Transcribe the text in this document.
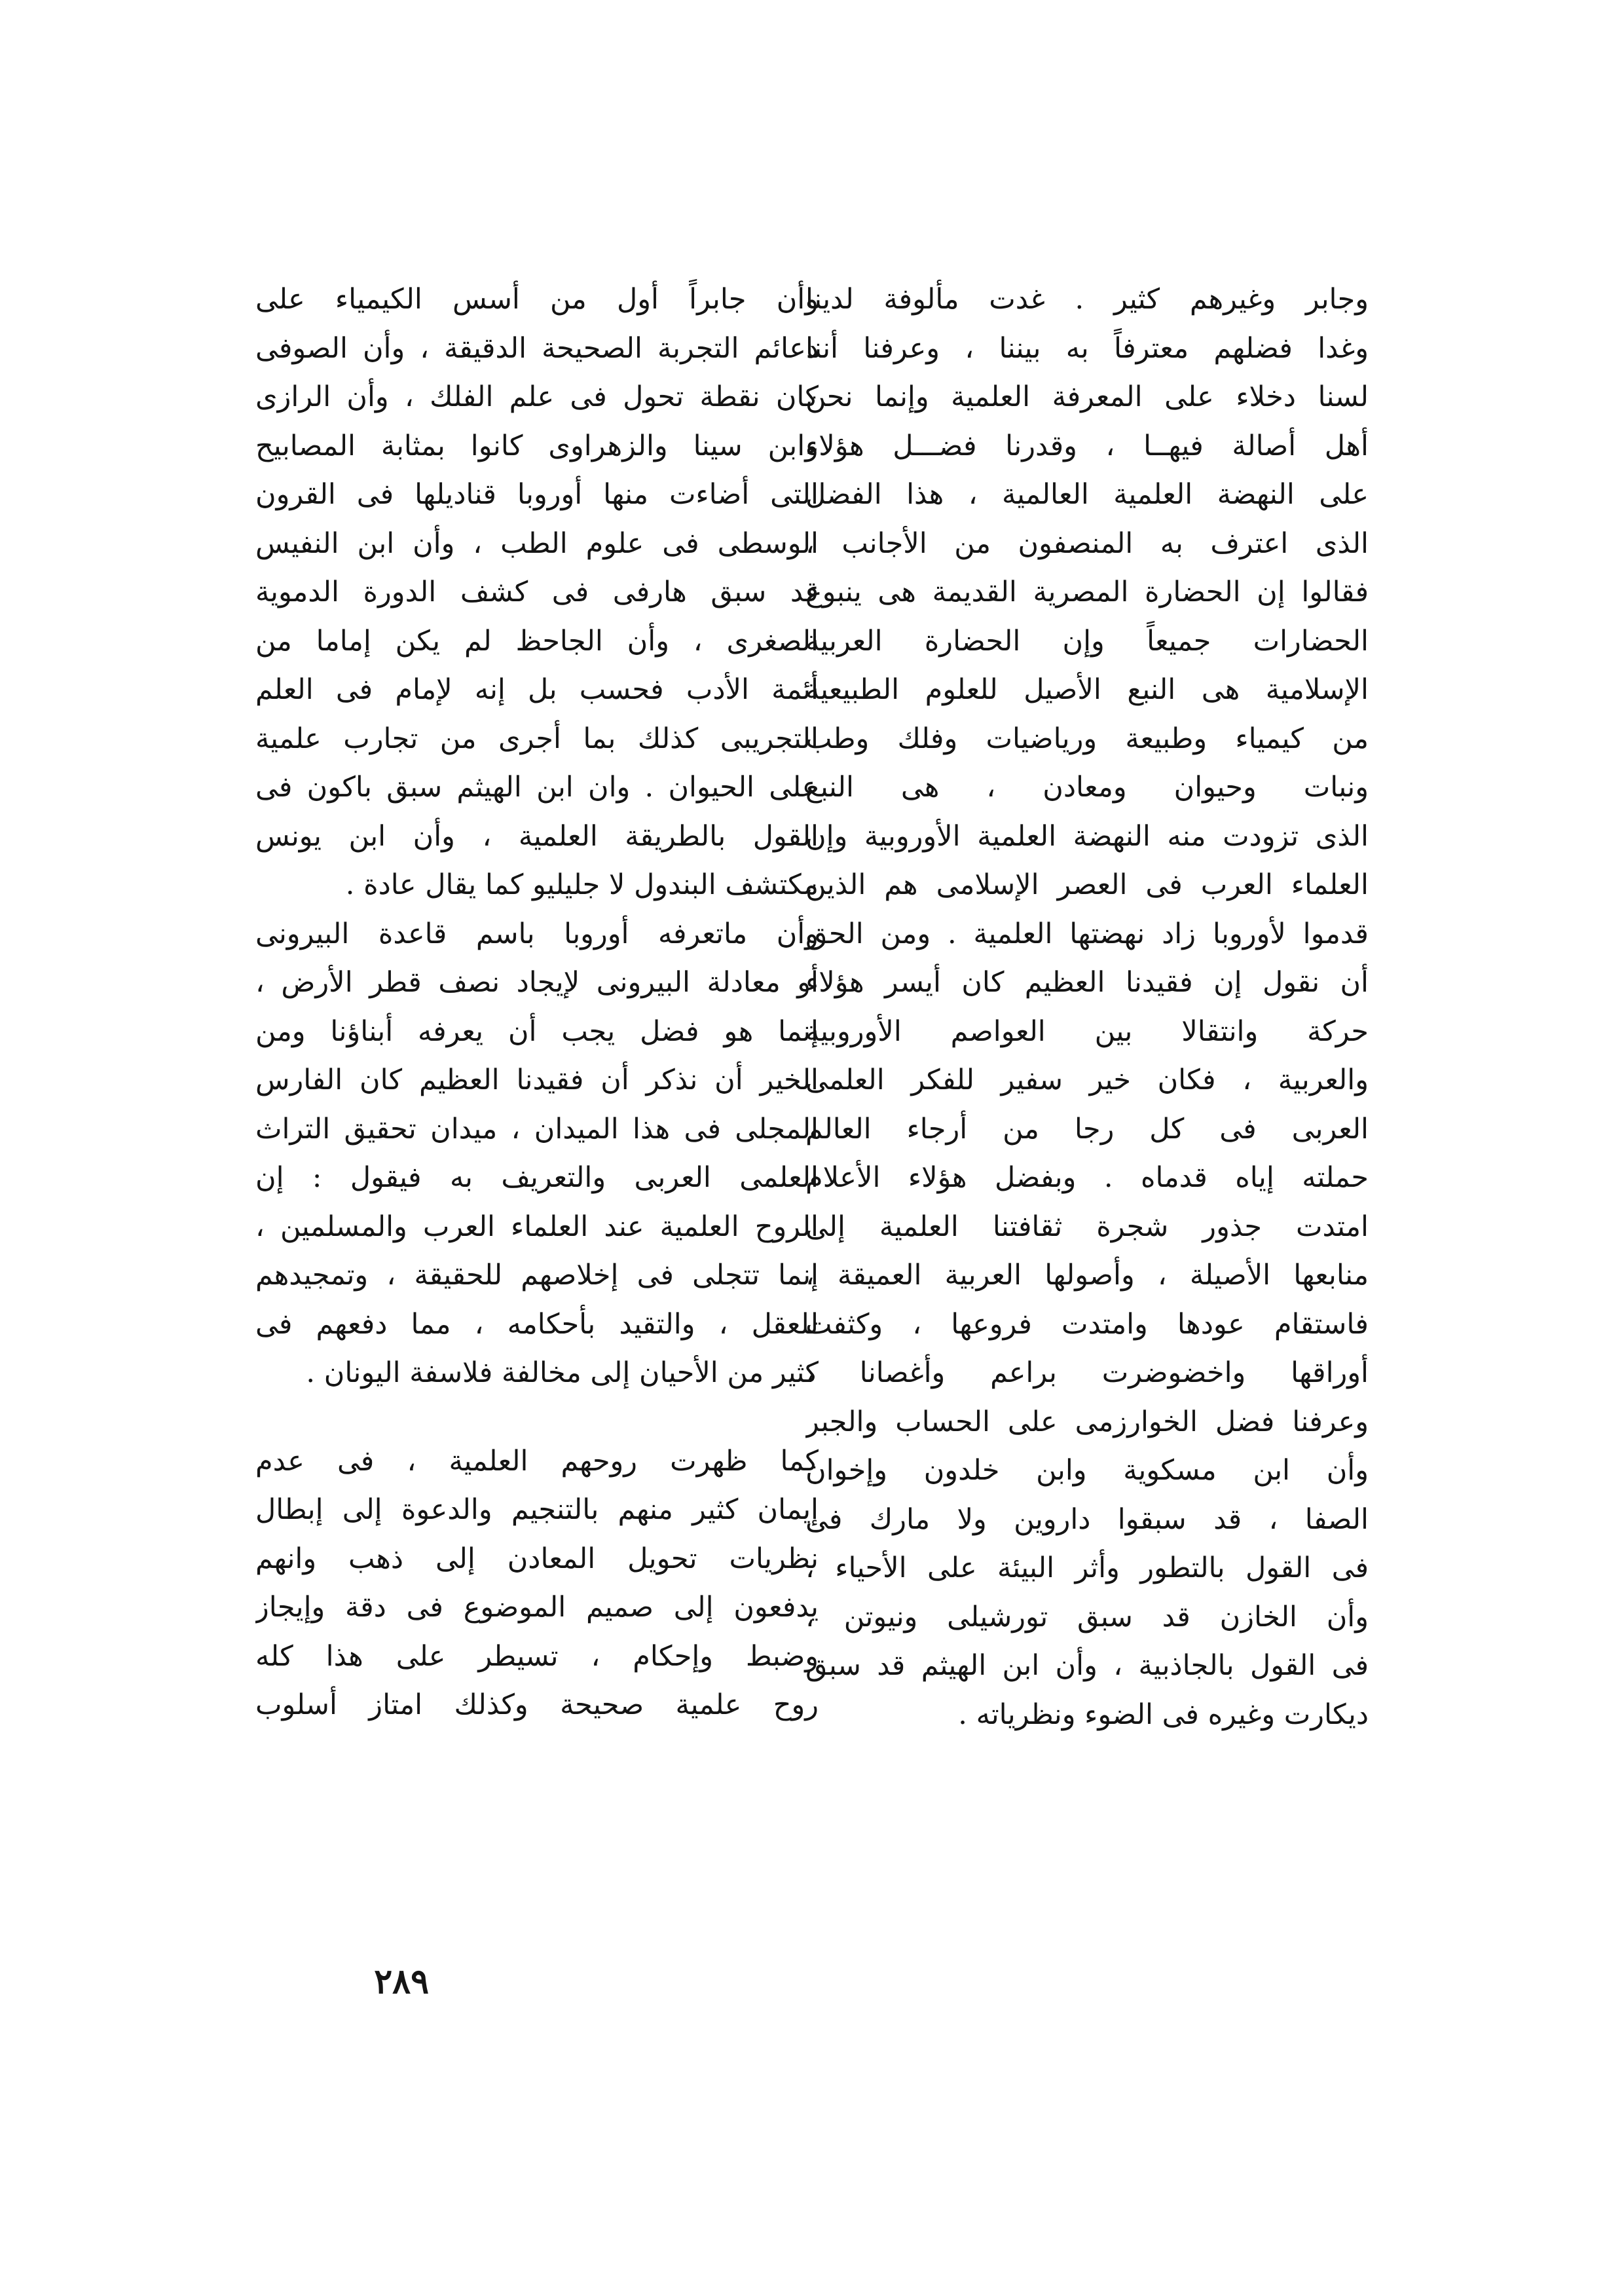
وجابر وغيرهم كثير . غدت مألوفة لدينا
وغدا فضلهم معترفاً به بيننا ، وعرفنا أننا
لسنا دخلاء على المعرفة العلمية وإنما نحن
أهل أصالة فيهــا ، وقدرنا فضـــل هؤلاء
على النهضة العلمية العالمية ، هذا الفضل
الذى اعترف به المنصفون من الأجانب ،
فقالوا إن الحضارة المصرية القديمة هى ينبوع
الحضارات جميعاً وإن الحضارة العربية
الإسلامية هى النبع الأصيل للعلوم الطبيعية
من كيمياء وطبيعة ورياضيات وفلك وطب
ونبات وحيوان ومعادن ، هى النبع
الذى تزودت منه النهضة العلمية الأوروبية وإن
العلماء العرب فى العصر الإسلامى هم الذين
قدموا لأوروبا زاد نهضتها العلمية . ومن الحق
أن نقول إن فقيدنا العظيم كان أيسر هؤلاء
حركة وانتقالا بين العواصم الأوروبية
والعربية ، فكان خير سفير للفكر العلمى
العربى فى كل رجا من أرجاء العالم
حملته إياه قدماه . وبفضل هؤلاء الأعلام
امتدت جذور شجرة ثقافتنا العلمية إلى
منابعها الأصيلة ، وأصولها العربية العميقة ،
فاستقام عودها وامتدت فروعها ، وكثفت
أوراقها واخضوضرت براعم وأغصانا ،
وعرفنا فضل الخوارزمى على الحساب والجبر
وأن ابن مسكوية وابن خلدون وإخوان
الصفا ، قد سبقوا داروين ولا مارك فى
فى القول بالتطور وأثر البيئة على الأحياء ،
وأن الخازن قد سبق تورشيلى ونيوتن ،
فى القول بالجاذبية ، وأن ابن الهيثم قد سبق
ديكارت وغيره فى الضوء ونظرياته .
وأن جابراً أول من أسس الكيمياء على
دعائم التجربة الصحيحة الدقيقة ، وأن الصوفى
كان نقطة تحول فى علم الفلك ، وأن الرازى
وابن سينا والزهراوى كانوا بمثابة المصابيح
التى أضاءت منها أوروبا قناديلها فى القرون
الوسطى فى علوم الطب ، وأن ابن النفيس
قد سبق هارفى فى كشف الدورة الدموية
الصغرى ، وأن الجاحظ لم يكن إماما من
أئمة الأدب فحسب بل إنه لإمام فى العلم
التجريبى كذلك بما أجرى من تجارب علمية
على الحيوان . وان ابن الهيثم سبق باكون فى
القول بالطريقة العلمية ، وأن ابن يونس
مكتشف البندول لا جليليو كما يقال عادة .
وأن ماتعرفه أوروبا باسم قاعدة البيرونى
أو معادلة البيرونى لإيجاد نصف قطر الأرض ،
إنما هو فضل يجب أن يعرفه أبناؤنا ومن
الخير أن نذكر أن فقيدنا العظيم كان الفارس
المجلى فى هذا الميدان ، ميدان تحقيق التراث
العلمى العربى والتعريف به فيقول : إن
الروح العلمية عند العلماء العرب والمسلمين ،
إنما تتجلى فى إخلاصهم للحقيقة ، وتمجيدهم
للعقل ، والتقيد بأحكامه ، مما دفعهم فى
كثير من الأحيان إلى مخالفة فلاسفة اليونان .
كما ظهرت روحهم العلمية ، فى عدم
إيمان كثير منهم بالتنجيم والدعوة إلى إبطال
نظريات تحويل المعادن إلى ذهب وانهم
يدفعون إلى صميم الموضوع فى دقة وإيجاز
وضبط وإحكام ، تسيطر على هذا كله
روح علمية صحيحة وكذلك امتاز أسلوب
٢٨٩
